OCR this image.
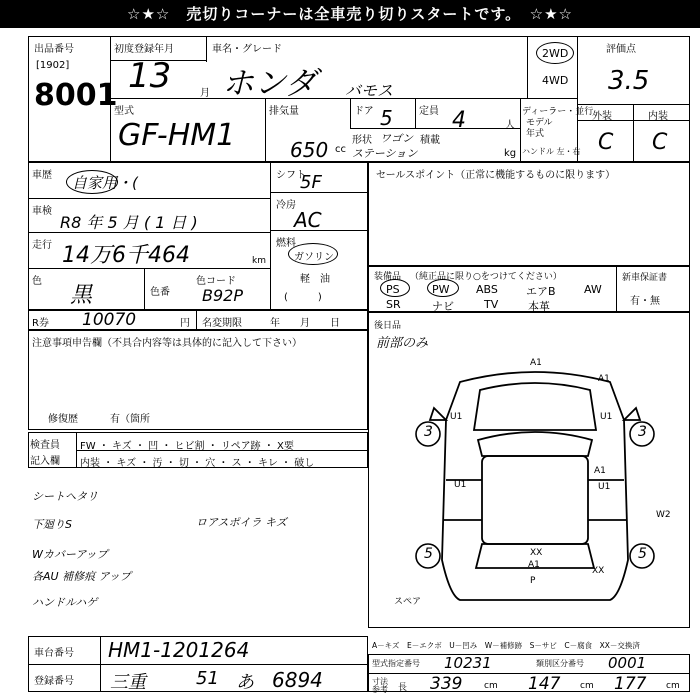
☆★☆　売切りコーナーは全車売り切りスタートです。　☆★☆
出品番号
[1902]
8001
初度登録年月
13	月
車名・グレード
ホンダ バモス
型式
GF-HM1
排気量
650 cc
ドア 5	定員 4	人
形状 ワゴン 積載
ステーション	kg
2WD
4WD
ディーラー・並行
モデル
年式
ハンドル 左・右
評価点
3.5
外装	内装
C C
車歴 自家用・(
車検
R8 年 5 月 ( 1 日 )
走行 14万6千464	km
色
黒	色番
色コード
B92P
シフト
5F
冷房
AC
燃料
ガソリン
軽　油
(　　　)
R券 10070	円 名変期限	年　　月　　日
セールスポイント（正常に機能するものに限ります）
装備品 （純正品に限り○をつけてください）
PS	PW ABS	エアB	AW
SR	ナビ	TV	本革
新車保証書
有・無
後日品
前部のみ
注意事項申告欄（不具合内容等は具体的に記入して下さい）
修復歴	有（箇所
検査員
記入欄
FW ・ キズ ・ 凹 ・ ヒビ割 ・ リペア跡 ・ X要
内装 ・ キズ ・ 汚 ・ 切 ・ 穴 ・ ス ・ キレ ・ 破し
シートヘタリ
下廻りS	ロアスポイラ キズ
Wカバーアップ
各AU 補修痕 アップ
ハンドルハゲ
3	3
5	5
A1
A1
U1
U1
U1
U1
A1
W2
XX
A1
P
XX
スペア
A－キズ　E－エクボ　U－凹み　W－補修跡　S－サビ　C－腐食　XX－交換済
車台番号 HM1-1201264
登録番号 三重	51 あ 6894
型式指定番号 10231	類別区分番号 0001
寸法
参考 長 339 cm 147 cm 177 cm
